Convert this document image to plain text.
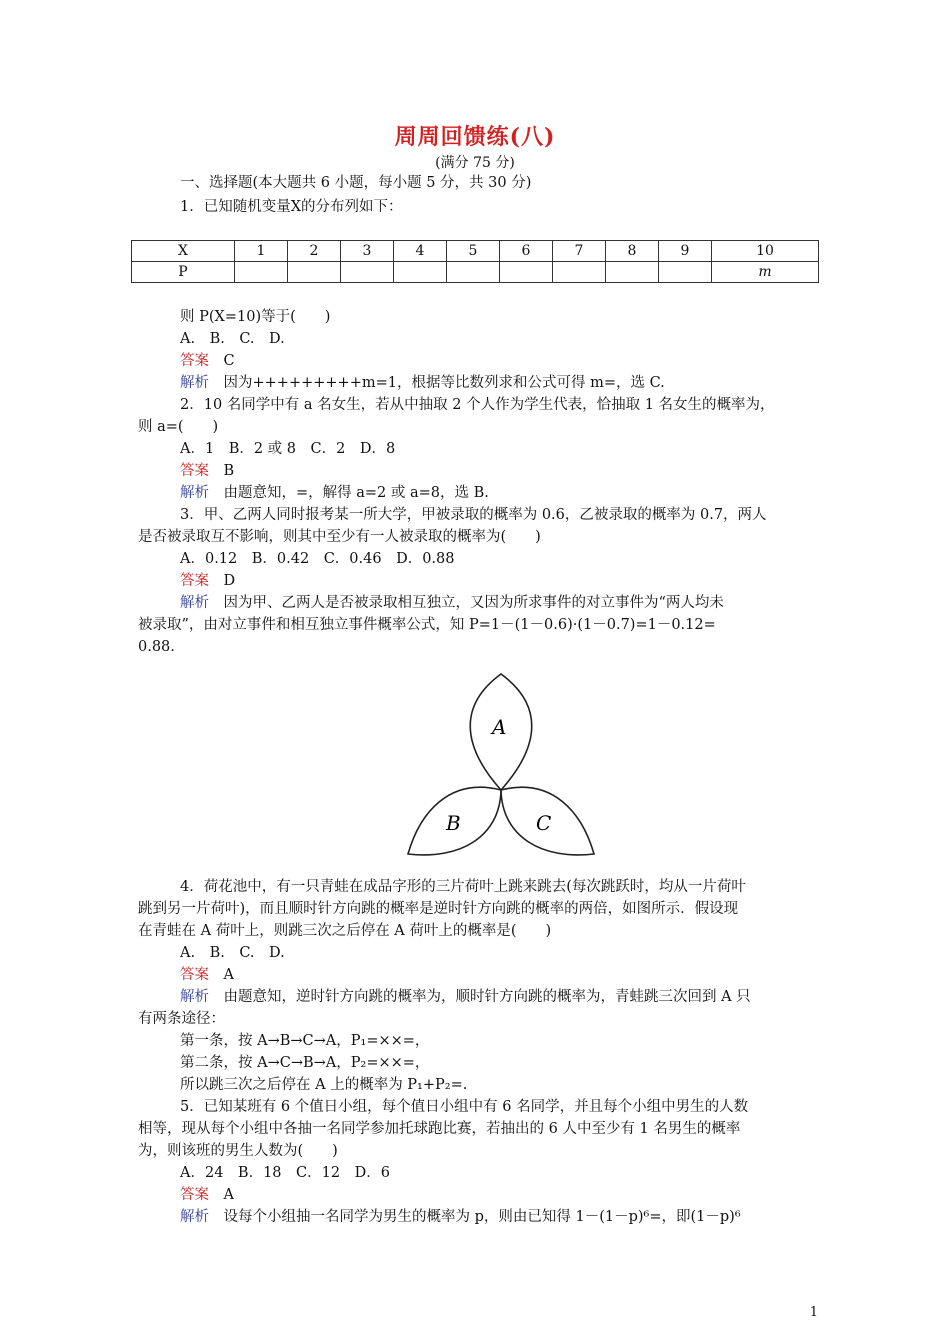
周周回馈练(八)
(满分 75 分)
一、选择题(本大题共 6 小题，每小题 5 分，共 30 分)
1．已知随机变量X的分布列如下：
X	1	2	3	4	5	6	7	8	9	10
P										m
则 P(X=10)等于(　　)
A.　B.　C.　D.
答案　 C
解析　 因为+++++++++m=1，根据等比数列求和公式可得 m=，选 C.
2．10 名同学中有 a 名女生，若从中抽取 2 个人作为学生代表，恰抽取 1 名女生的概率为，
则 a=(　　)
A．1　B．2 或 8　C．2　D．8
答案　 B
解析　 由题意知，=，解得 a=2 或 a=8，选 B.
3．甲、乙两人同时报考某一所大学，甲被录取的概率为 0.6，乙被录取的概率为 0.7，两人
是否被录取互不影响，则其中至少有一人被录取的概率为(　　)
A．0.12　B．0.42　C．0.46　D．0.88
答案　 D
解析　 因为甲、乙两人是否被录取相互独立，又因为所求事件的对立事件为“两人均未
被录取”，由对立事件和相互独立事件概率公式，知 P=1－(1－0.6)·(1－0.7)=1－0.12=
0.88.
A
B	C
4．荷花池中，有一只青蛙在成品字形的三片荷叶上跳来跳去(每次跳跃时，均从一片荷叶
跳到另一片荷叶)，而且顺时针方向跳的概率是逆时针方向跳的概率的两倍，如图所示．假设现
在青蛙在 A 荷叶上，则跳三次之后停在 A 荷叶上的概率是(　　)
A.　B.　C.　D.
答案　 A
解析　 由题意知，逆时针方向跳的概率为，顺时针方向跳的概率为，青蛙跳三次回到 A 只
有两条途径：
第一条，按 A→B→C→A，P₁=××=，
第二条，按 A→C→B→A，P₂=××=，
所以跳三次之后停在 A 上的概率为 P₁+P₂=.
5．已知某班有 6 个值日小组，每个值日小组中有 6 名同学，并且每个小组中男生的人数
相等，现从每个小组中各抽一名同学参加托球跑比赛，若抽出的 6 人中至少有 1 名男生的概率
为，则该班的男生人数为(　　)
A．24　B．18　C．12　D．6
答案　 A
解析　 设每个小组抽一名同学为男生的概率为 p，则由已知得 1－(1－p)⁶=，即(1－p)⁶
1
